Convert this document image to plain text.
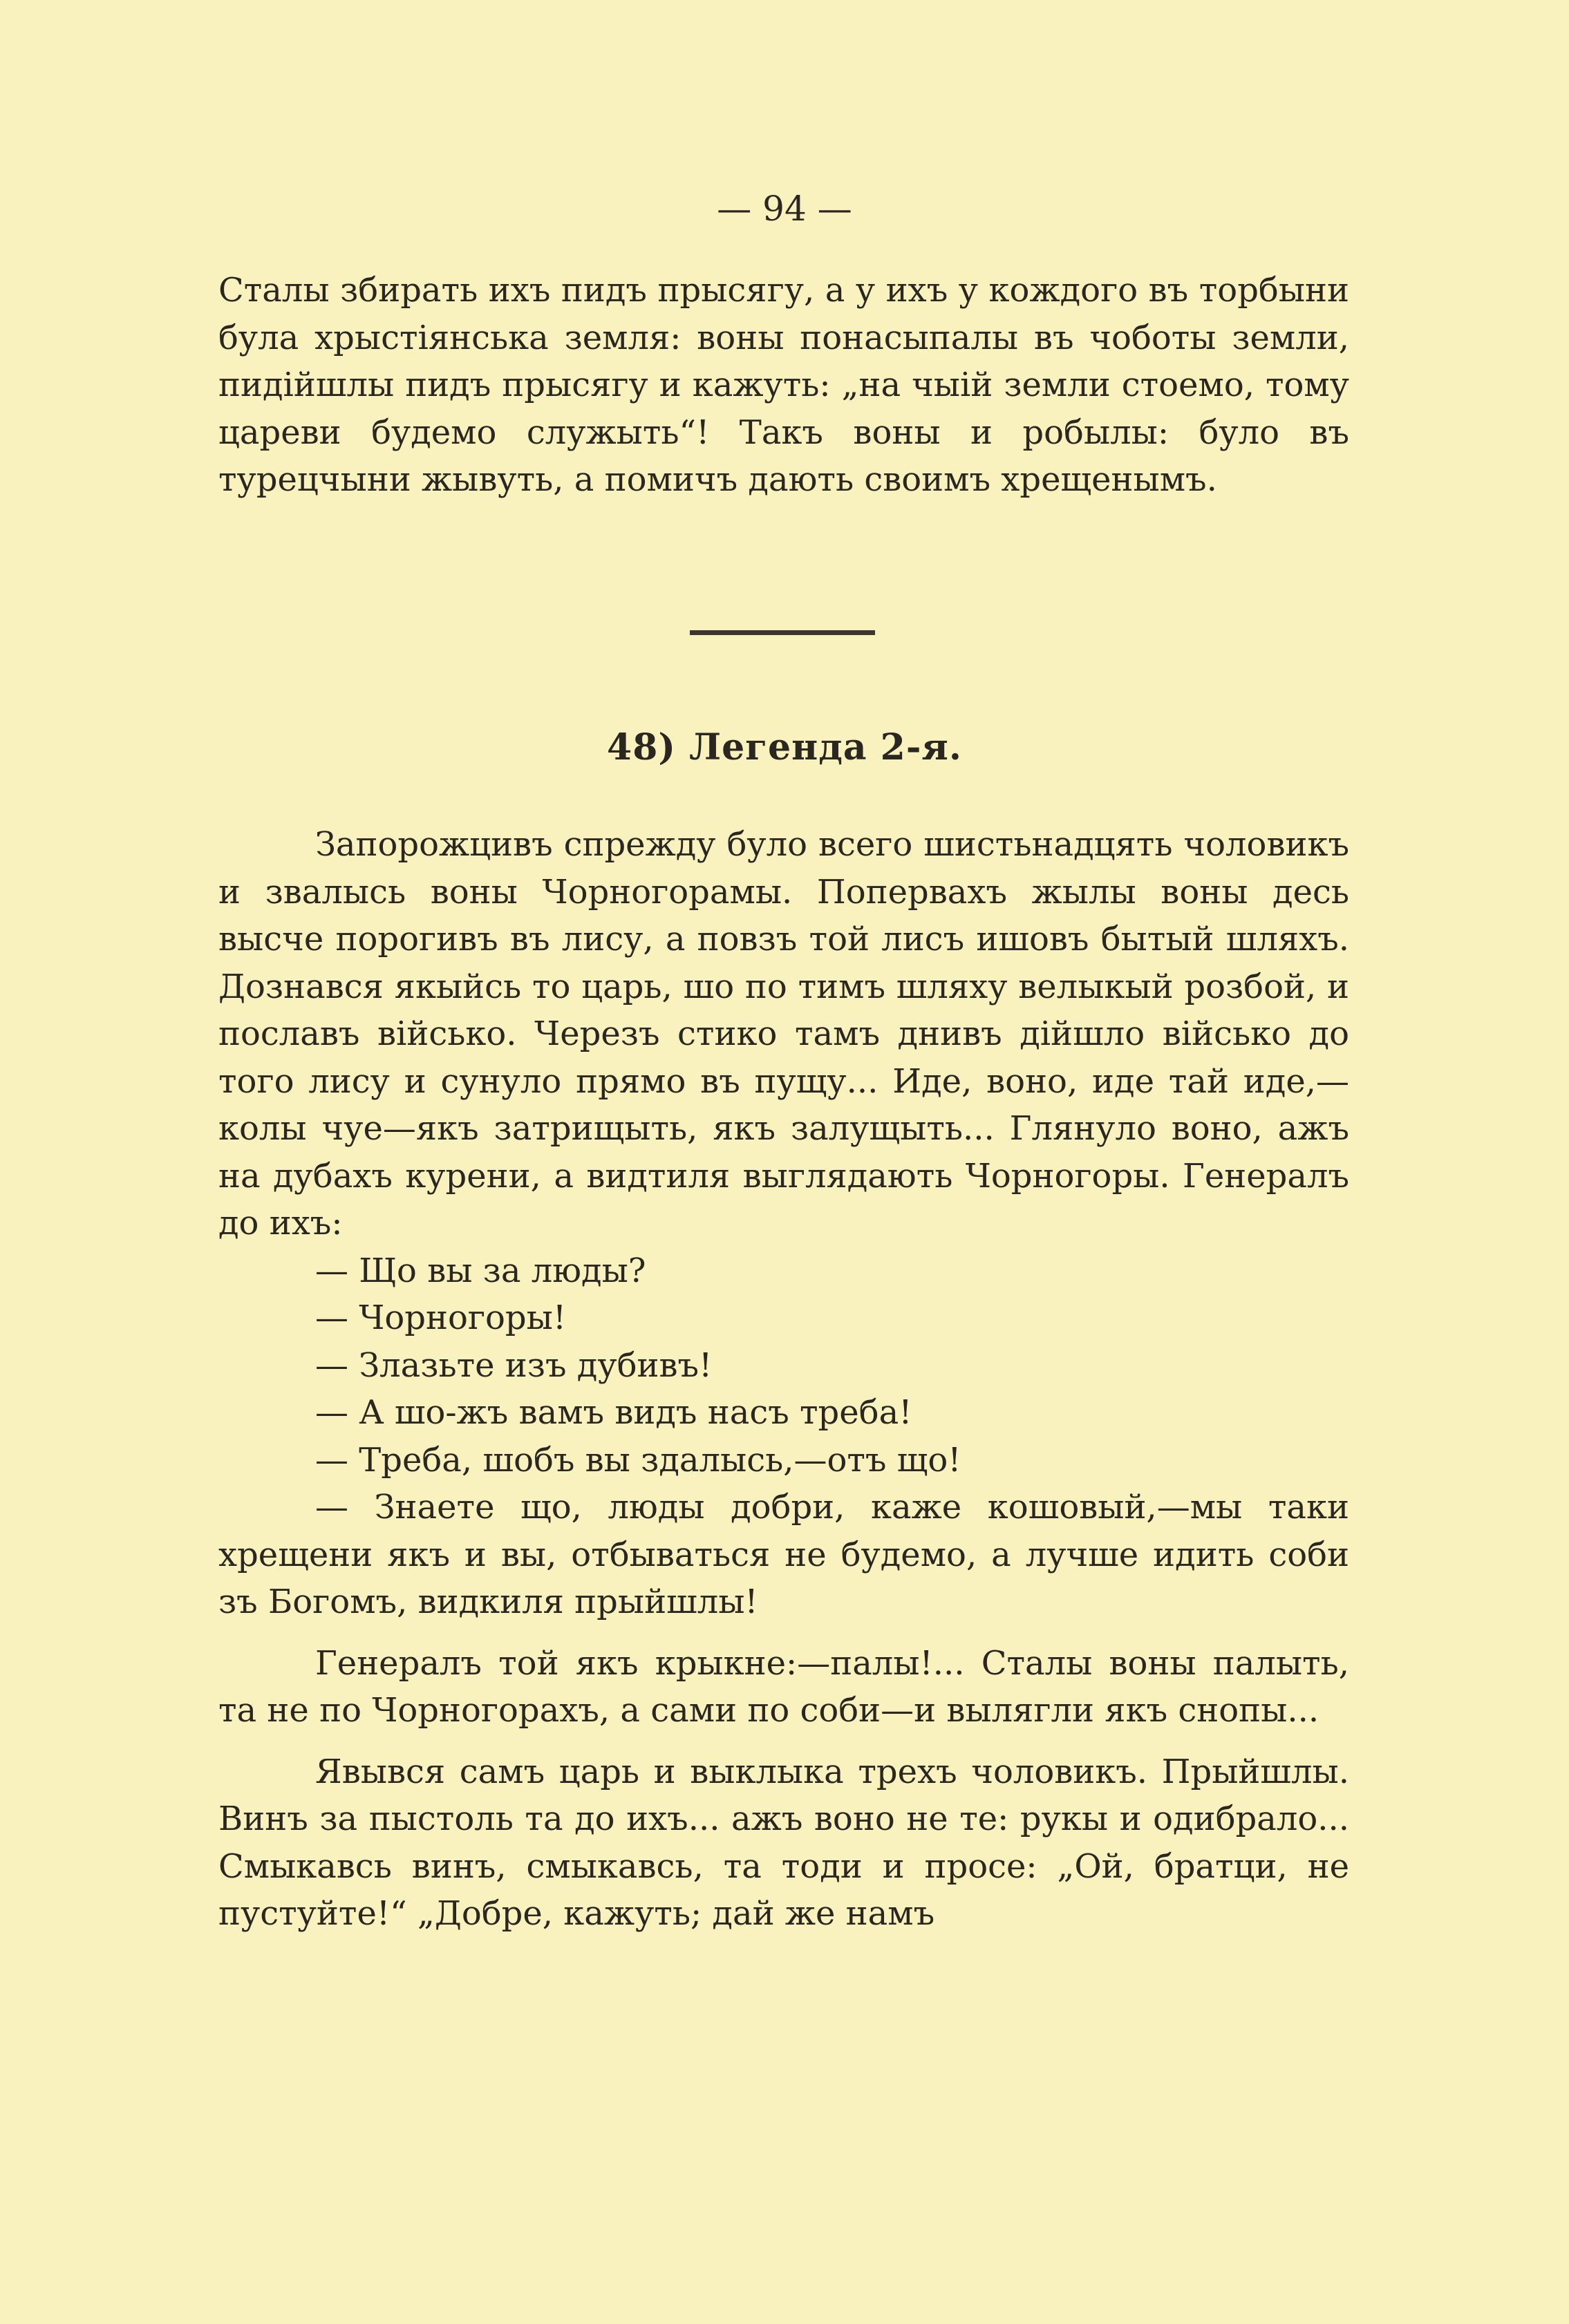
— 94 —

Сталы збирать ихъ пидъ прысягу, а у ихъ у кождого въ торбыни була хрыстіянська земля: воны понасыпалы въ чоботы земли, пидійшлы пидъ прысягу и кажуть: „на чыій земли стоемо, тому цареви будемо служыть“! Такъ воны и робылы: було въ турецчыни жывуть, а помичъ дають своимъ хрещенымъ.

48) Легенда 2-я.

Запорожцивъ спрежду було всего шистьнадцять чоловикъ и звалысь воны Чорногорамы. Поперваxъ жылы воны десь высче порогивъ въ лису, а повзъ той лисъ ишовъ бытый шляхъ. Дознався якыйсь то царь, шо по тимъ шляху велыкый розбой, и пославъ військо. Черезъ стико тамъ днивъ дійшло військо до того лису и сунуло прямо въ пущу... Иде, воно, иде тай иде,—колы чуе—якъ затрищыть, якъ залущыть... Глянуло воно, ажъ на дубахъ курени, а видтиля выглядають Чорногоры. Генералъ до ихъ:

— Що вы за люды?

— Чорногоры!

— Злазьте изъ дубивъ!

— А шо-жъ вамъ видъ насъ треба!

— Треба, шобъ вы здалысь,—отъ що!

— Знаете що, люды добри, каже кошовый,—мы таки хрещени якъ и вы, отбываться не будемо, а лучше идить соби зъ Богомъ, видкиля прыйшлы!

Генералъ той якъ крыкне:—палы!... Сталы воны палыть, та не по Чорногорахъ, а сами по соби—и вылягли якъ снопы...

Явывся самъ царь и выклыка трехъ чоловикъ. Прыйшлы. Винъ за пыстоль та до ихъ... ажъ воно не те: рукы и одибрало... Смыкавсь винъ, смыкавсь, та тоди и просе: „Ой, братци, не пустуйте!“ „Добре, кажуть; дай же намъ
